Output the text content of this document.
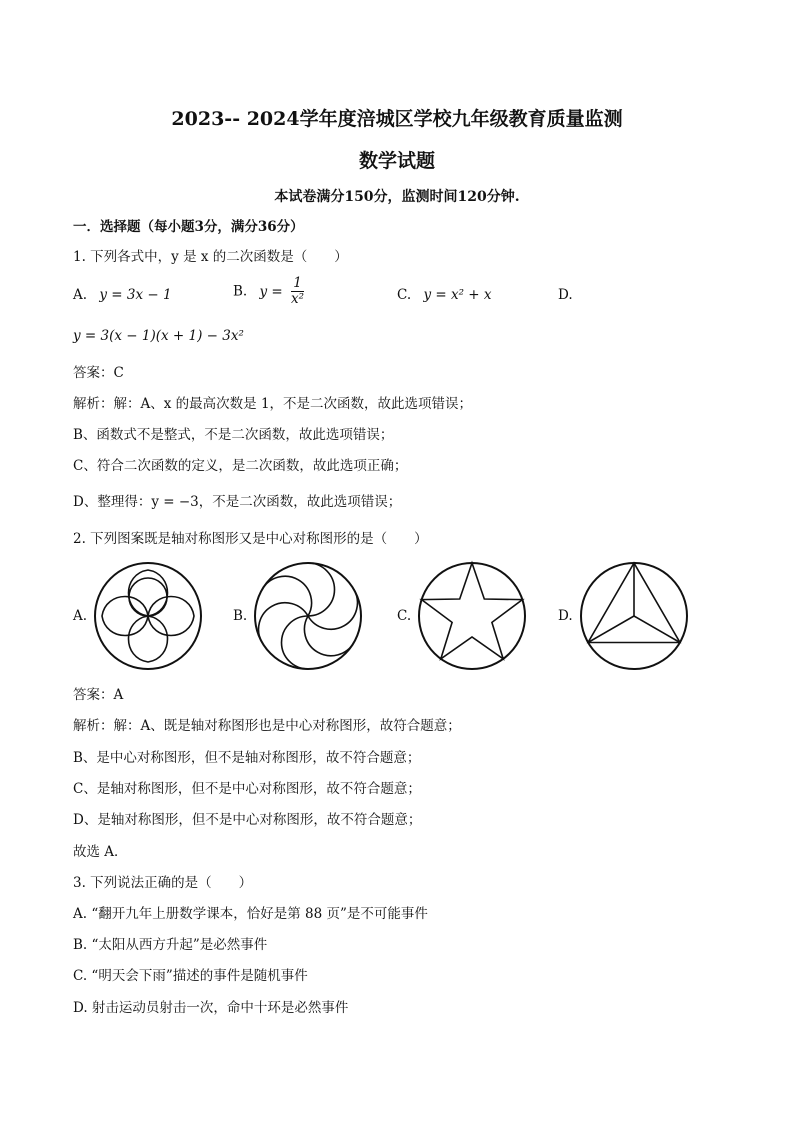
2023-- 2024学年度涪城区学校九年级教育质量监测
数学试题
本试卷满分150分，监测时间120分钟.
一．选择题（每小题3分，满分36分）
1. 下列各式中，y 是 x 的二次函数是（　　）
A. y = 3x − 1	B. $y = \frac{1}{\text{x²}}$	C. y = x² + x	D.
y = 3(x − 1)(x + 1) − 3x²
答案：C
解析：解：A、x 的最高次数是 1，不是二次函数，故此选项错误；
B、函数式不是整式，不是二次函数，故此选项错误；
C、符合二次函数的定义，是二次函数，故此选项正确；
D、整理得：y = −3，不是二次函数，故此选项错误；
2. 下列图案既是轴对称图形又是中心对称图形的是（　　）
A.	B.	C.	D.
答案：A
解析：解：A、既是轴对称图形也是中心对称图形，故符合题意；
B、是中心对称图形，但不是轴对称图形，故不符合题意；
C、是轴对称图形，但不是中心对称图形，故不符合题意；
D、是轴对称图形，但不是中心对称图形，故不符合题意；
故选 A．
3. 下列说法正确的是（　　）
A. “翻开九年上册数学课本，恰好是第 88 页”是不可能事件
B. “太阳从西方升起”是必然事件
C. “明天会下雨”描述的事件是随机事件
D. 射击运动员射击一次，命中十环是必然事件
